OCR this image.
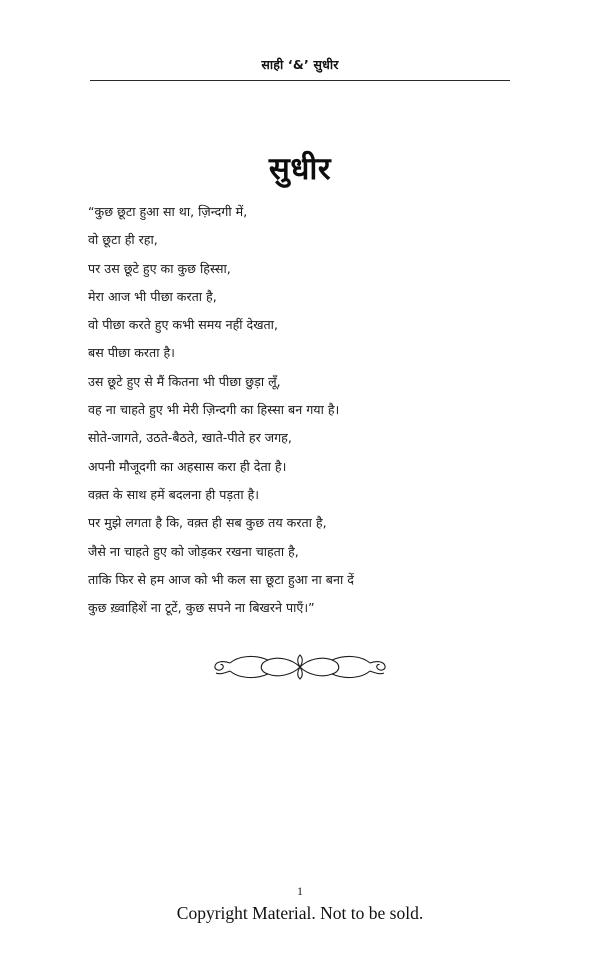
साही ‘&’ सुधीर
सुधीर
“कुछ छूटा हुआ सा था, ज़िन्दगी में,
वो छूटा ही रहा,
पर उस छूटे हुए का कुछ हिस्सा,
मेरा आज भी पीछा करता है,
वो पीछा करते हुए कभी समय नहीं देखता,
बस पीछा करता है।
उस छूटे हुए से मैं कितना भी पीछा छुड़ा लूँ,
वह ना चाहते हुए भी मेरी ज़िन्दगी का हिस्सा बन गया है।
सोते-जागते, उठते-बैठते, खाते-पीते हर जगह,
अपनी मौजूदगी का अहसास करा ही देता है।
वक़्त के साथ हमें बदलना ही पड़ता है।
पर मुझे लगता है कि, वक़्त ही सब कुछ तय करता है,
जैसे ना चाहते हुए को जोड़कर रखना चाहता है,
ताकि फिर से हम आज को भी कल सा छूटा हुआ ना बना दें
कुछ ख़्वाहिशें ना टूटें, कुछ सपने ना बिखरने पाएँ।”
1
Copyright Material. Not to be sold.
